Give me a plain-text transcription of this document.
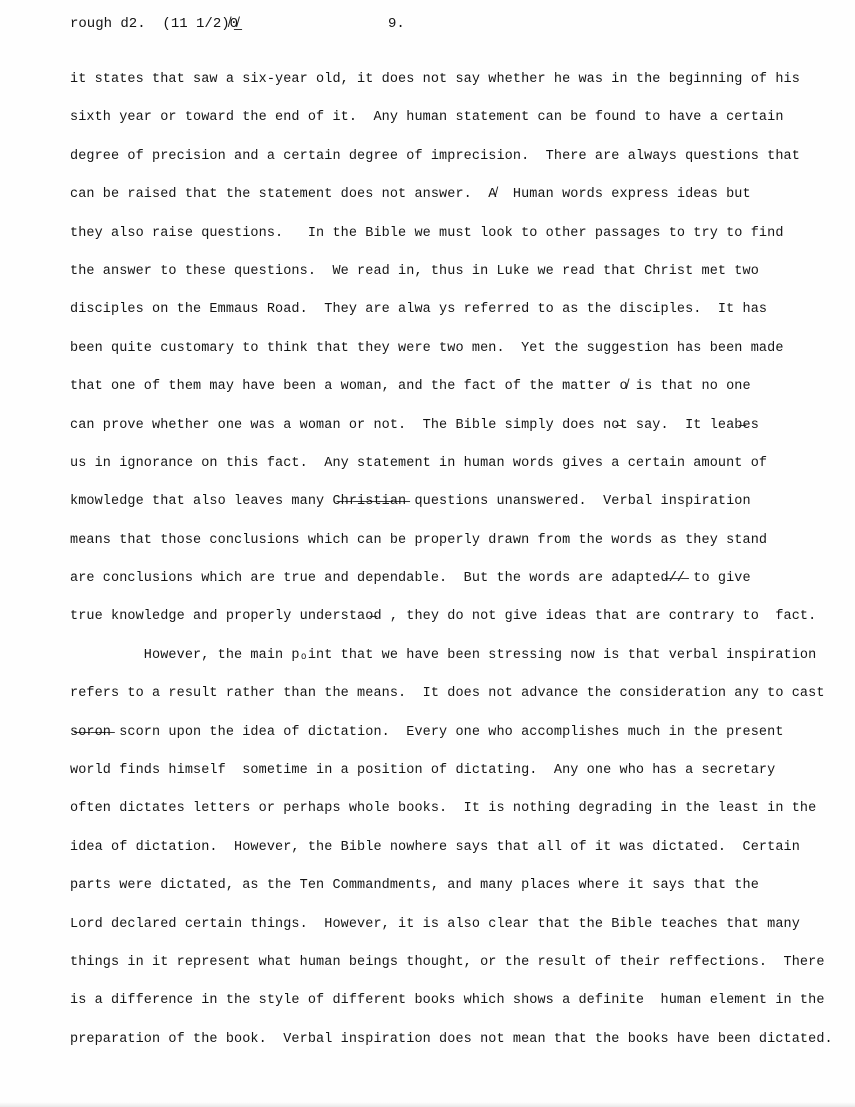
rough d2.  (11 1/2)̸0̸̲

	9.

it states that saw a six-year old, it does not say whether he was in the beginning of his
sixth year or toward the end of it.  Any human statement can be found to have a certain
degree of precision and a certain degree of imprecision.  There are always questions that
can be raised that the statement does not answer.  A̸  Human words express ideas but
they also raise questions.   In the Bible we must look to other passages to try to find
the answer to these questions.  We read in, thus in Luke we read that Christ met two
disciples on the Emmaus Road.  They are alwa ys referred to as the disciples.  It has
been quite customary to think that they were two men.  Yet the suggestion has been made
that one of them may have been a woman, and the fact of the matter o̸ is that no one
can prove whether one was a woman or not.  The Bible simply does no̶t say.  It leab̶es
us in ignorance on this fact.  Any statement in human words gives a certain amount of
kmowledge that also leaves many C̶h̶r̶i̶s̶t̶i̶a̶n̶ questions unanswered.  Verbal inspiration
means that those conclusions which can be properly drawn from the words as they stand
are conclusions which are true and dependable.  But the words are adapted̶/̶/̶ to give
true knowledge and properly understao̶d , they do not give ideas that are contrary to  fact.
However, the main pₒint that we have been stressing now is that verbal inspiration
refers to a result rather than the means.  It does not advance the consideration any to cast
s̶o̶r̶o̶n̶ scorn upon the idea of dictation.  Every one who accomplishes much in the present
world finds himself  sometime in a position of dictating.  Any one who has a secretary
often dictates letters or perhaps whole books.  It is nothing degrading in the least in the
idea of dictation.  However, the Bible nowhere says that all of it was dictated.  Certain
parts were dictated, as the Ten Commandments, and many places where it says that the
Lord declared certain things.  However, it is also clear that the Bible teaches that many
things in it represent what human beings thought, or the result of their reffections.  There
is a difference in the style of different books which shows a definite  human element in the
preparation of the book.  Verbal inspiration does not mean that the books have been dictated.
